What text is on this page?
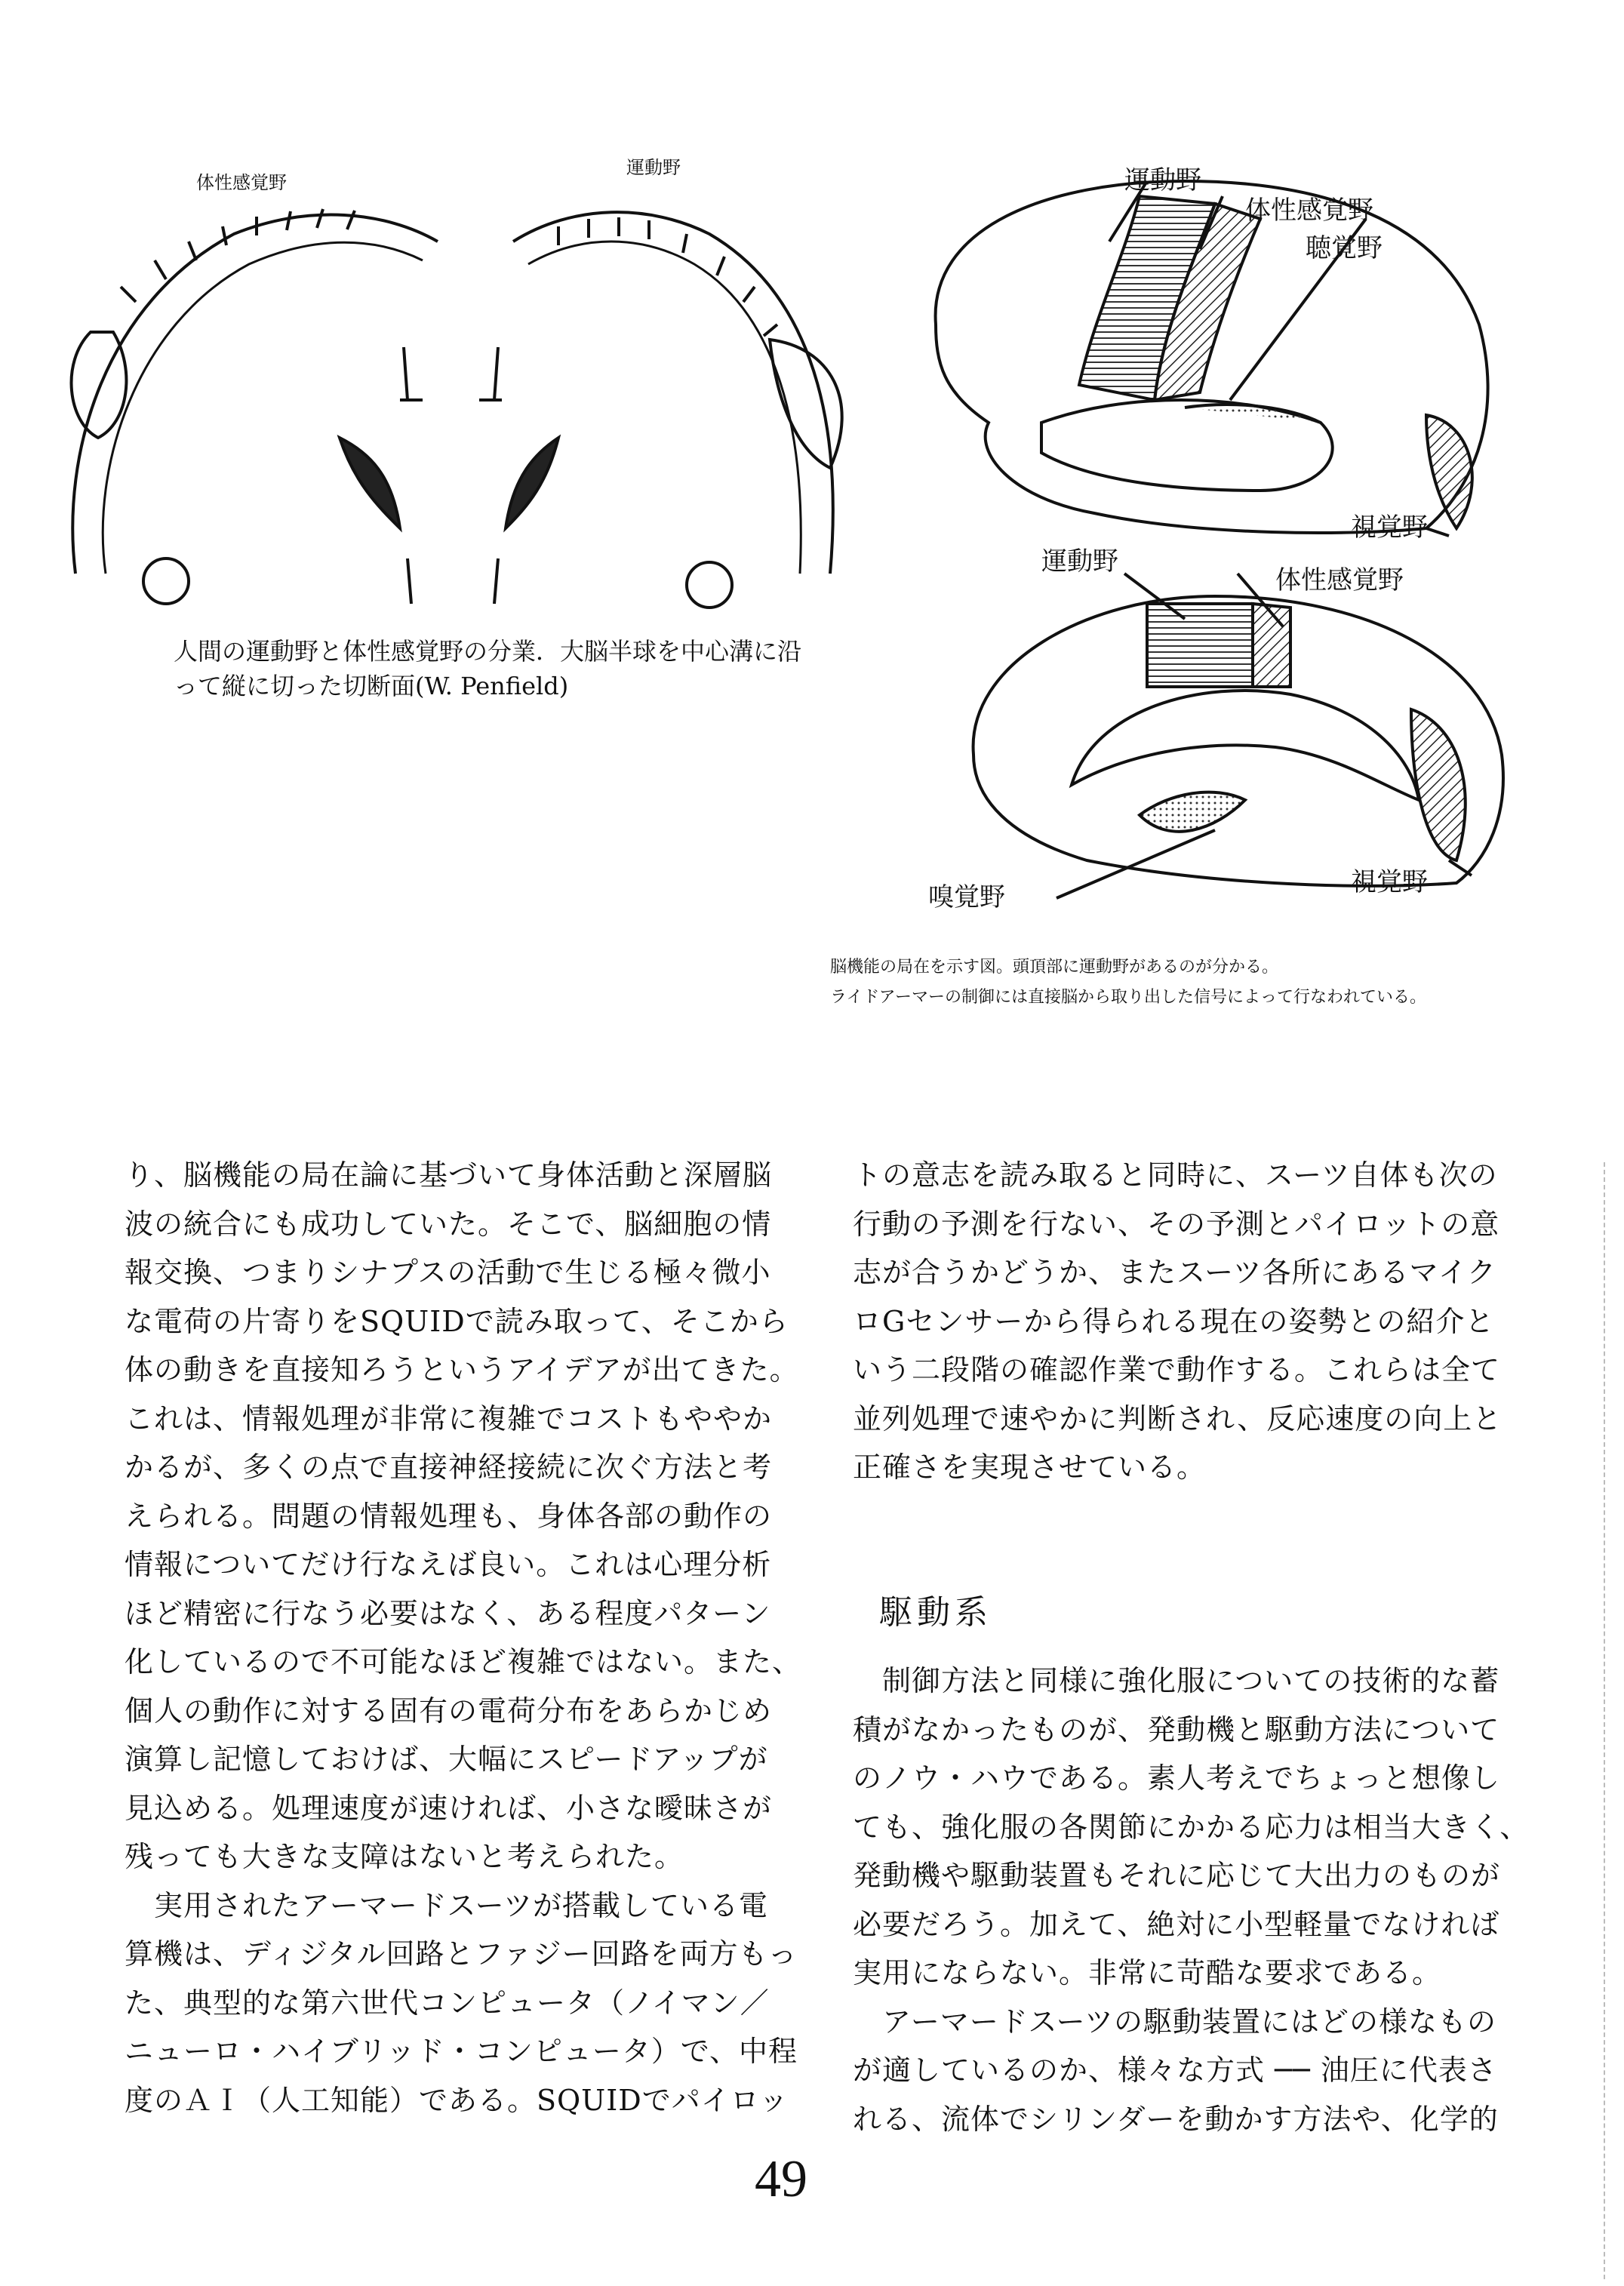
体性感覚野
運動野
人間の運動野と体性感覚野の分業．大脳半球を中心溝に沿
って縦に切った切断面(W. Penfield)
運動野
体性感覚野
聴覚野
視覚野
運動野
体性感覚野
嗅覚野	視覚野
脳機能の局在を示す図。頭頂部に運動野があるのが分かる。
ライドアーマーの制御には直接脳から取り出した信号によって行なわれている。
り、脳機能の局在論に基づいて身体活動と深層脳
波の統合にも成功していた。そこで、脳細胞の情
報交換、つまりシナプスの活動で生じる極々微小
な電荷の片寄りをSQUIDで読み取って、そこから
体の動きを直接知ろうというアイデアが出てきた。
これは、情報処理が非常に複雑でコストもややか
かるが、多くの点で直接神経接続に次ぐ方法と考
えられる。問題の情報処理も、身体各部の動作の
情報についてだけ行なえば良い。これは心理分析
ほど精密に行なう必要はなく、ある程度パターン
化しているので不可能なほど複雑ではない。また、
個人の動作に対する固有の電荷分布をあらかじめ
演算し記憶しておけば、大幅にスピードアップが
見込める。処理速度が速ければ、小さな曖昧さが
残っても大きな支障はないと考えられた。
　実用されたアーマードスーツが搭載している電
算機は、ディジタル回路とファジー回路を両方もっ
た、典型的な第六世代コンピュータ（ノイマン／
ニューロ・ハイブリッド・コンピュータ）で、中程
度のＡＩ（人工知能）である。SQUIDでパイロッ
トの意志を読み取ると同時に、スーツ自体も次の
行動の予測を行ない、その予測とパイロットの意
志が合うかどうか、またスーツ各所にあるマイク
ロGセンサーから得られる現在の姿勢との紹介と
いう二段階の確認作業で動作する。これらは全て
並列処理で速やかに判断され、反応速度の向上と
正確さを実現させている。
駆動系
　制御方法と同様に強化服についての技術的な蓄
積がなかったものが、発動機と駆動方法について
のノウ・ハウである。素人考えでちょっと想像し
ても、強化服の各関節にかかる応力は相当大きく、
発動機や駆動装置もそれに応じて大出力のものが
必要だろう。加えて、絶対に小型軽量でなければ
実用にならない。非常に苛酷な要求である。
　アーマードスーツの駆動装置にはどの様なもの
が適しているのか、様々な方式 ── 油圧に代表さ
れる、流体でシリンダーを動かす方法や、化学的
49
